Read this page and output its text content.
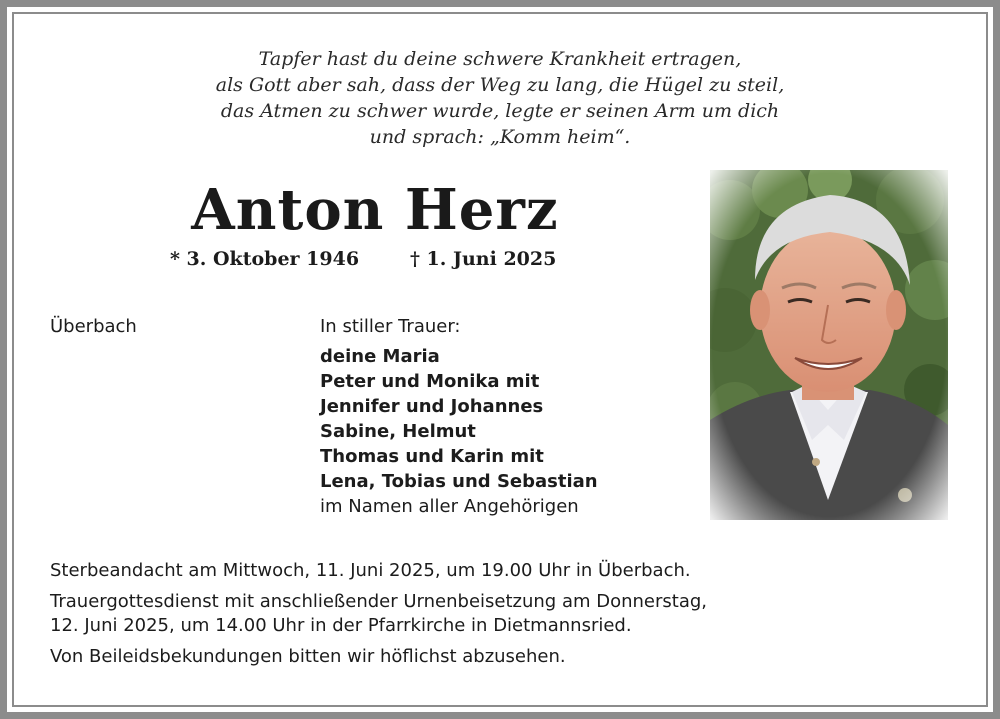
Tapfer hast du deine schwere Krankheit ertragen,
als Gott aber sah, dass der Weg zu lang, die Hügel zu steil,
das Atmen zu schwer wurde, legte er seinen Arm um dich
und sprach: „Komm heim“.
Anton Herz
* 3. Oktober 1946	† 1. Juni 2025
Überbach	In stiller Trauer:
deine Maria
Peter und Monika mit
Jennifer und Johannes
Sabine, Helmut
Thomas und Karin mit
Lena, Tobias und Sebastian
im Namen aller Angehörigen

Sterbeandacht am Mittwoch, 11. Juni 2025, um 19.00 Uhr in Überbach.

Trauergottesdienst mit anschließender Urnenbeisetzung am Donnerstag,
12. Juni 2025, um 14.00 Uhr in der Pfarrkirche in Dietmannsried.

Von Beileidsbekundungen bitten wir höflichst abzusehen.
